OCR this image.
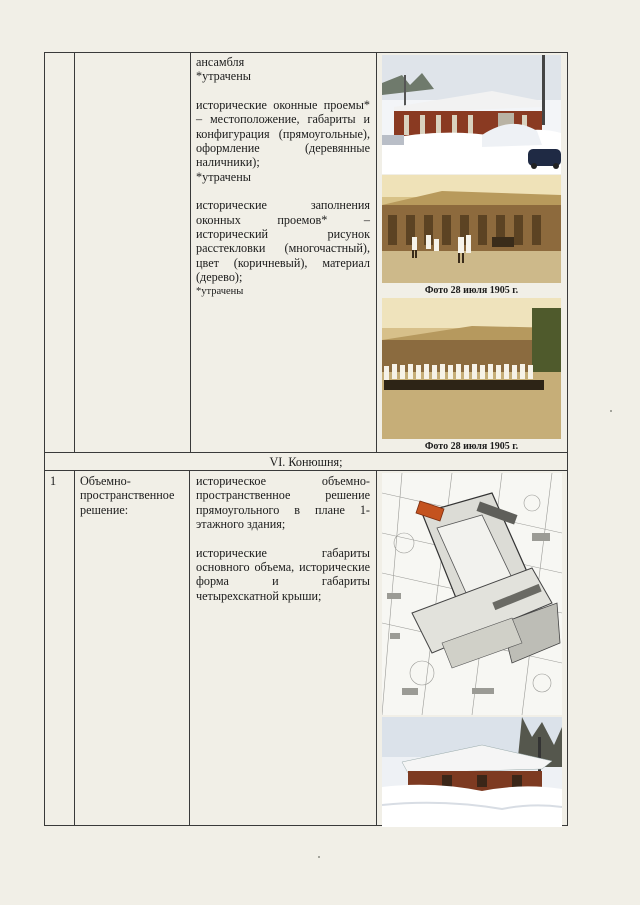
ансамбля

*утрачены

исторические оконные проемы* – местоположение, габариты и конфигурация (прямоугольные), оформление (деревянные наличники);

*утрачены

исторические заполнения оконных проемов* – исторический рисунок расстекловки (многочастный), цвет (коричневый), материал (дерево);

*утрачены	Фото 28 июля 1905 г.
Фото 28 июля 1905 г.
VI. Конюшня;
1	Объемно-пространственное решение:

историческое объемно-пространственное решение прямоугольного в плане 1-этажного здания;

исторические габариты основного объема, исторические форма и габариты четырехскатной крыши;
